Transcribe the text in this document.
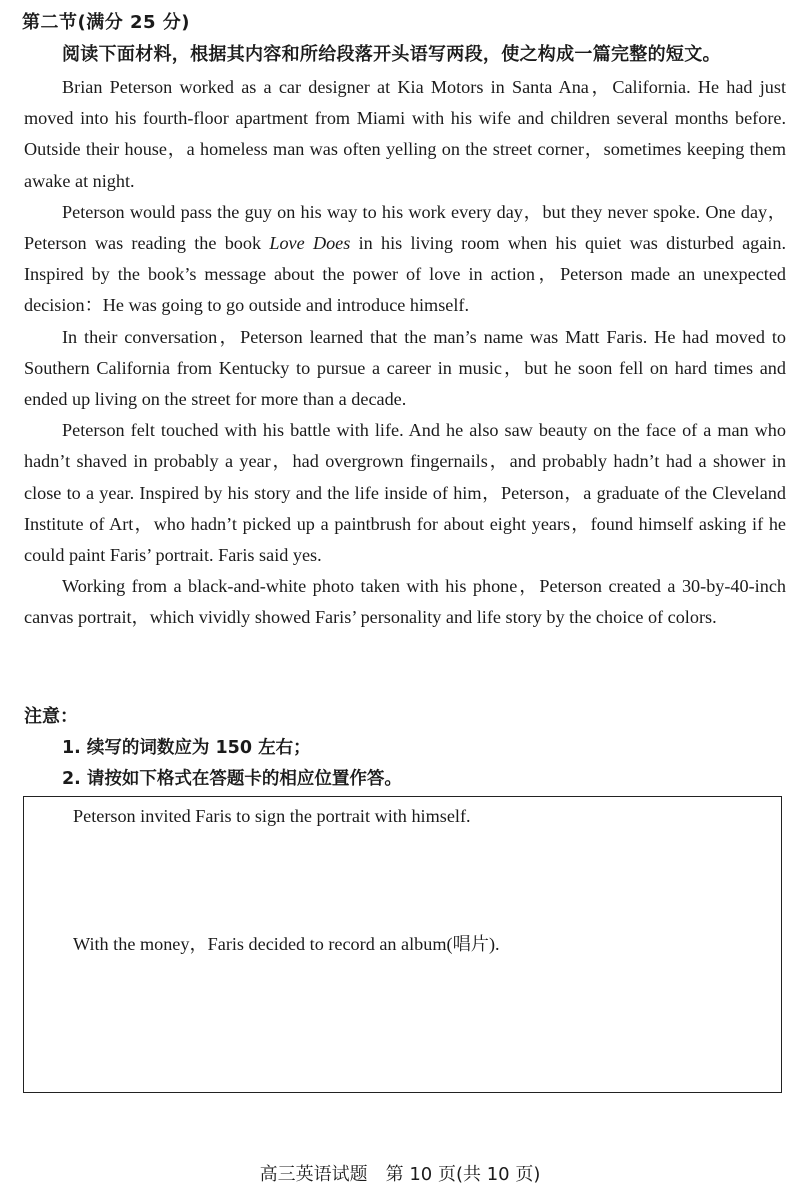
第二节(满分 25 分)
阅读下面材料，根据其内容和所给段落开头语写两段，使之构成一篇完整的短文。

Brian Peterson worked as a car designer at Kia Motors in Santa Ana，California. He had just moved into his fourth-floor apartment from Miami with his wife and children several months before. Outside their house，a homeless man was often yelling on the street corner，sometimes keeping them awake at night.

Peterson would pass the guy on his way to his work every day，but they never spoke. One day，Peterson was reading the book Love Does in his living room when his quiet was disturbed again. Inspired by the book’s message about the power of love in action，Peterson made an unexpected decision：He was going to go outside and introduce himself.

In their conversation，Peterson learned that the man’s name was Matt Faris. He had moved to Southern California from Kentucky to pursue a career in music，but he soon fell on hard times and ended up living on the street for more than a decade.

Peterson felt touched with his battle with life. And he also saw beauty on the face of a man who hadn’t shaved in probably a year，had overgrown fingernails，and probably hadn’t had a shower in close to a year. Inspired by his story and the life inside of him，Peterson，a graduate of the Cleveland Institute of Art，who hadn’t picked up a paintbrush for about eight years，found himself asking if he could paint Faris’ portrait. Faris said yes.

Working from a black-and-white photo taken with his phone，Peterson created a 30-by-40-inch canvas portrait，which vividly showed Faris’ personality and life story by the choice of colors.

注意：
1. 续写的词数应为 150 左右；
2. 请按如下格式在答题卡的相应位置作答。
Peterson invited Faris to sign the portrait with himself.
With the money，Faris decided to record an album(唱片).
高三英语试题　第 10 页(共 10 页)
